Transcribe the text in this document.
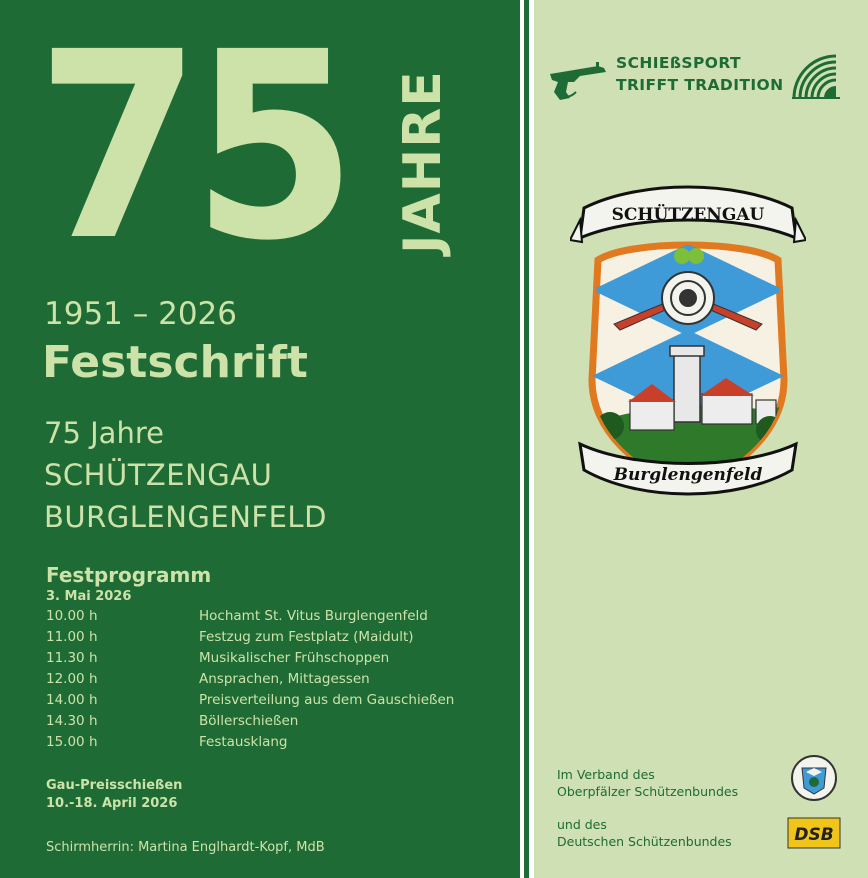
75 JAHRE
1951 – 2026
Festschrift
75 Jahre
SCHÜTZENGAU
BURGLENGENFELD
Festprogramm
3. Mai 2026
10.00 h	Hochamt St. Vitus Burglengenfeld
11.00 h	Festzug zum Festplatz (Maidult)
11.30 h	Musikalischer Frühschoppen
12.00 h	Ansprachen, Mittagessen
14.00 h	Preisverteilung aus dem Gauschießen
14.30 h	Böllerschießen
15.00 h	Festausklang
Gau-Preisschießen
10.-18. April 2026
Schirmherrin: Martina Englhardt-Kopf, MdB
SCHIEßSPORT
TRIFFT TRADITION
SCHÜTZENGAU
Burglengenfeld
Im Verband des
Oberpfälzer Schützenbundes
und des
Deutschen Schützenbundes	DSB
